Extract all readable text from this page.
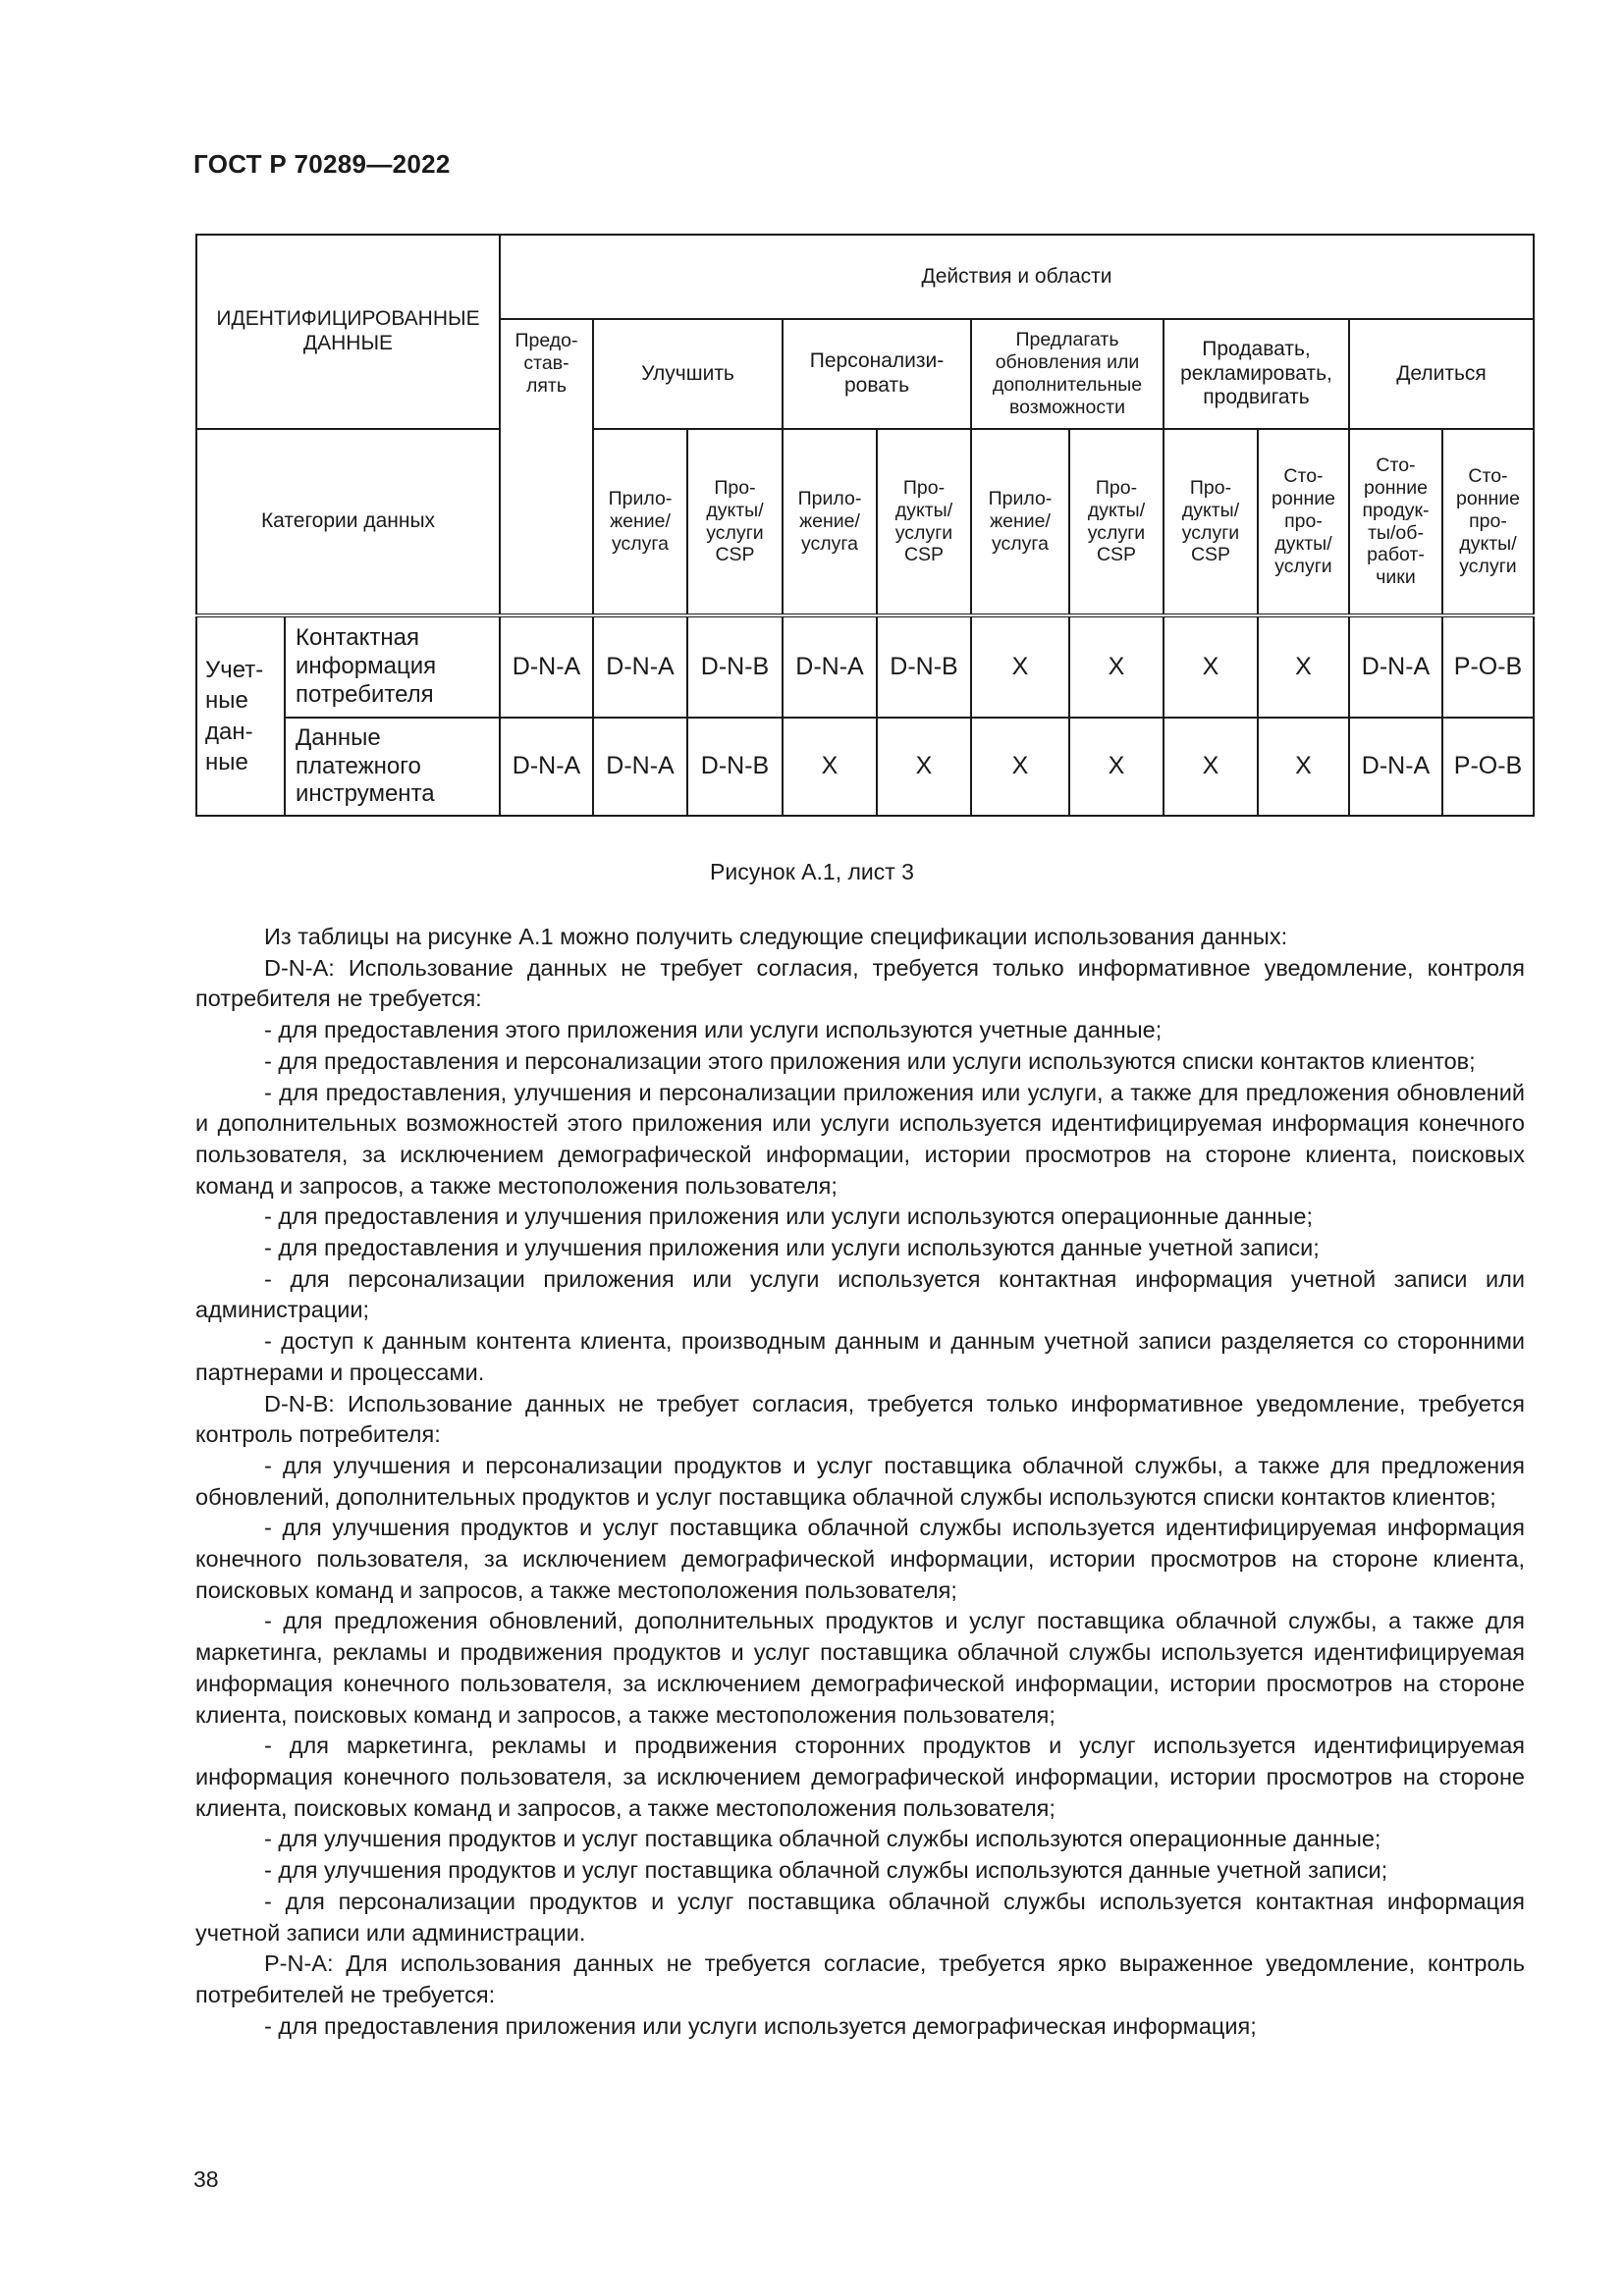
ГОСТ Р 70289—2022
ИДЕНТИФИЦИРОВАННЫЕ ДАННЫЕ		Действия и области										
		Предо-став-лять	Улучшить		Персонализи-ровать		Предлагать обновления или дополнительные возможности		Продавать, рекламировать, продвигать		Делиться	
Категории данных			Прило-жение/ услуга	Про-дукты/ услуги CSP	Прило-жение/ услуга	Про-дукты/ услуги CSP	Прило-жение/ услуга	Про-дукты/ услуги CSP	Про-дукты/ услуги CSP	Сто-ронние про-дукты/ услуги	Сто-ронние продук-ты/об-работ-чики	Сто-ронние про-дукты/ услуги
Учет-ные дан-ные	Контактная информация потребителя	D-N-A	D-N-A	D-N-B	D-N-A	D-N-B	X	X	X	X	D-N-A	P-O-B
	Данные платежного инструмента	D-N-A	D-N-A	D-N-B	X	X	X	X	X	X	D-N-A	P-O-B
Рисунок А.1, лист 3

Из таблицы на рисунке А.1 можно получить следующие спецификации использования данных:

D-N-A: Использование данных не требует согласия, требуется только информативное уведомление, контроля потребителя не требуется:

- для предоставления этого приложения или услуги используются учетные данные;

- для предоставления и персонализации этого приложения или услуги используются списки контактов клиентов;

- для предоставления, улучшения и персонализации приложения или услуги, а также для предложения обновлений и дополнительных возможностей этого приложения или услуги используется идентифицируемая информация конечного пользователя, за исключением демографической информации, истории просмотров на стороне клиента, поисковых команд и запросов, а также местоположения пользователя;

- для предоставления и улучшения приложения или услуги используются операционные данные;

- для предоставления и улучшения приложения или услуги используются данные учетной записи;

- для персонализации приложения или услуги используется контактная информация учетной записи или администрации;

- доступ к данным контента клиента, производным данным и данным учетной записи разделяется со сторонними партнерами и процессами.

D-N-B: Использование данных не требует согласия, требуется только информативное уведомление, требуется контроль потребителя:

- для улучшения и персонализации продуктов и услуг поставщика облачной службы, а также для предложения обновлений, дополнительных продуктов и услуг поставщика облачной службы используются списки контактов клиентов;

- для улучшения продуктов и услуг поставщика облачной службы используется идентифицируемая информация конечного пользователя, за исключением демографической информации, истории просмотров на стороне клиента, поисковых команд и запросов, а также местоположения пользователя;

- для предложения обновлений, дополнительных продуктов и услуг поставщика облачной службы, а также для маркетинга, рекламы и продвижения продуктов и услуг поставщика облачной службы используется идентифицируемая информация конечного пользователя, за исключением демографической информации, истории просмотров на стороне клиента, поисковых команд и запросов, а также местоположения пользователя;

- для маркетинга, рекламы и продвижения сторонних продуктов и услуг используется идентифицируемая информация конечного пользователя, за исключением демографической информации, истории просмотров на стороне клиента, поисковых команд и запросов, а также местоположения пользователя;

- для улучшения продуктов и услуг поставщика облачной службы используются операционные данные;

- для улучшения продуктов и услуг поставщика облачной службы используются данные учетной записи;

- для персонализации продуктов и услуг поставщика облачной службы используется контактная информация учетной записи или администрации.

P-N-A: Для использования данных не требуется согласие, требуется ярко выраженное уведомление, контроль потребителей не требуется:

- для предоставления приложения или услуги используется демографическая информация;

38
